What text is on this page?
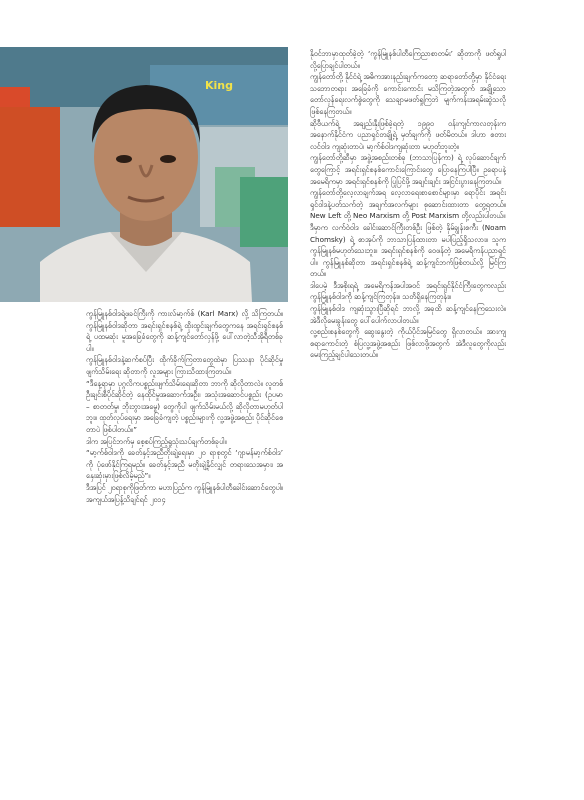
King

ကွန်မြူနစ်ဝါဒရဲ့ဖခင်ကြီးကို ကားလ်မာ့က်စ် (Karl Marx) လို့ သိကြတယ်။ ကွန်မြူနစ်ဝါဒဆိုတာ အရင်းရှင်စနစ်ရဲ့ ထိုးထွင်းချက်တွေကနေ အရင်းရှင်စနစ်ရဲ့ ပထမဆုံး မူအခြေခံတွေကို ဆန့်ကျင်တော်လှန်ဖို့ ပေါ်လာတဲ့သီအိုရီတစ်ခုပါ။

ကွန်မြူနစ်ဝါဒနဲ့ဆက်စပ်ပြီး ထိုက်ခိုက်ကြတာတွေထဲမှာ ပြဿနာ ပိုင်ဆိုင်မှုဖျက်သိမ်းရေး ဆိုတာကို လူအများ ကြားသိထားကြတယ်။

“ဒီနေ့ရာမှာ ပုဂ္ဂလိကပစ္စည်းဖျက်သိမ်းရေးဆိုတာ ဘာကို ဆိုလိုတာလဲ။ လူတစ်ဦးချင်းစီပိုင်ဆိုင်တဲ့ နေထိုင်မှုအဆောက်အဦး၊ အသုံးအဆောင်ပစ္စည်း (ဥပမာ – စာတတ်မှု၊ ဘိုးဘွားအမွေ) တွေကိုပါ ဖျက်သိမ်းမယ်လို့ ဆိုလိုတာမဟုတ်ပါဘူး။ ထုတ်လုပ်ရေးမှာ အခြေခံကျတဲ့ ပစ္စည်းများကို လူ့အဖွဲ့အစည်း ပိုင်ဆိုင်စေတာပဲ ဖြစ်ပါတယ်။”

ဒါက အပြင်ဘက်မှ စေ့စပ်ကြည့်ရှုသုံးသပ်ချက်တစ်ခုပါ။

“မာ့က်စ်ဝါဒကို ခေတ်နှင့်အညီတိုးချဲ့ရေးမှာ ၂၀ ရာစုတွင် ‘ဂျာမန်မာ့က်စ်ဝါဒ’ ကို ပုံဖော်နိုင်ကြရမည်။ ခေတ်နှင့်အညီ မတိုးချဲ့နိုင်လျှင် တရားသေအမှား၊ အနှေးဆုံးမှားဖြစ်လိမ့်မည်”။

ဒီအပြင် ၂၀ရာစုကိုဖြတ်ကာ မဟာပြည်က ကွန်မြူနစ်ပါတီခေါင်းဆောင်တွေပါ။ အကျယ်အပြန့်သိချင်ရင် ၂၀၁၄

နိုဝင်ဘာမှာထုတ်ခဲ့တဲ့ ‘ကွန်မြူနစ်ပါတီကြေညာစာတမ်း’ ဆိုတာကို ဖတ်ရှုပါလို့ပြောချင်ပါတယ်။

ကျွန်တော်တို့ နိုင်ငံရဲ့ အဓိကအားနည်းချက်ကတော့ ဆရာတော်တို့မှာ နိုင်ငံရေးသဘောတရား အခြေခံကို ကောင်းကောင်း မသိကြတဲ့အတွက် အချို့သော တော်လှန်ရေးလက်စွဲတွေကို သေချာမဖတ်ရှုကြဘဲ မျက်ကန်းအရမ်းဆွဲသလို ဖြစ်နေကြတယ်။

ဆိုဗီယက်ရဲ့ အချည်းနှီးဖြစ်ခဲ့ရတဲ့ ၁၉၉၀ ဝန်းကျင်ကာလတုန်းက အနောက်နိုင်ငံက ပညာရှင်တချို့ရဲ့ မှတ်ချက်ကို ဖတ်မိတယ်။ ဒါဟာ စတားလင်ဝါဒ ကျဆုံးတာပဲ၊ မာ့က်စ်ဝါဒကျဆုံးတာ မဟုတ်ဘူးတဲ့။

ကျွန်တော်တို့ဆီမှာ အဖွဲ့အစည်းတစ်ခု (ဘာသာပြန်ကာ) ရဲ့ လုပ်ဆောင်ချက်တွေကြောင့် အရင်းရှင်စနစ်ကောင်းကြောင်းတွေ ပြောနေကြပါပြီ။ ဥရောပနဲ့ အမေရိကမှာ အရင်းရှင်စနစ်ကို ပြုပြင်ဖို့ အချင်းချင်း အငြင်းပွားနေကြတယ်။

ကျွန်တော်တို့လေ့လာချက်အရ လေ့လာရေးစာစောင်များမှာ ရောပိုင်း အရင်းရှင်ဝါဒနဲ့ပတ်သက်တဲ့ အချက်အလက်များ စုဆောင်းထားတာ တွေ့ရတယ်။ New Left တို့ Neo Marxism တို့ Post Marxism တို့လည်းပါတယ်။

ဒီမှာက လက်ဝဲဝါဒ ခေါင်းဆောင်ကြီးတစ်ဦး ဖြစ်တဲ့ နိုမ်ချွန်းစကီး (Noam Chomsky) ရဲ့ စာအုပ်ကို ဘာသာပြန်ထားတာ မပါပြည့်ရှိသလား။ သူက ကွန်မြူနစ်မဟုတ်သေးဘူး။ အရင်းရှင်စနစ်ကို ဝေဖန်တဲ့ အမေရိကန်ပညာရှင်ပါ။ ကွန်မြူနစ်ဆိုတာ အရင်းရှင်စနစ်ရဲ့ ဆန့်ကျင်ဘက်ဖြစ်တယ်လို့ မြင်ကြတယ်။

ဒါပေမဲ့ ဒီအစိုးရရဲ့ အမေရိကန်အပါအဝင် အရင်းရှင်နိုင်ငံကြီးတွေကလည်း ကွန်မြူနစ်ဝါဒကို ဆန့်ကျင်ကြတုန်း။ သတိရှိနေကြတုန်း။

ကွန်မြူနစ်ဝါဒ ကျဆုံးသွားပြီဆိုရင် ဘာလို့ အခုထိ ဆန့်ကျင်နေကြသေးလဲ။ အဲဒီလိုမေးခွန်းတွေ ပေါ်ပေါက်လာပါတယ်။

လူ့စည်းစနစ်တွေကို ဆွေးနွေးတဲ့ ကိုယ်ပိုင်အမြင်တွေ ရှိလာတယ်။ အားကျစရာကောင်းတဲ့ စံပြလူ့အဖွဲ့အစည်း ဖြစ်လာဖို့အတွက် အဲဒီလူတွေကိုလည်း မေးကြည့်ချင်ပါသေးတယ်။
